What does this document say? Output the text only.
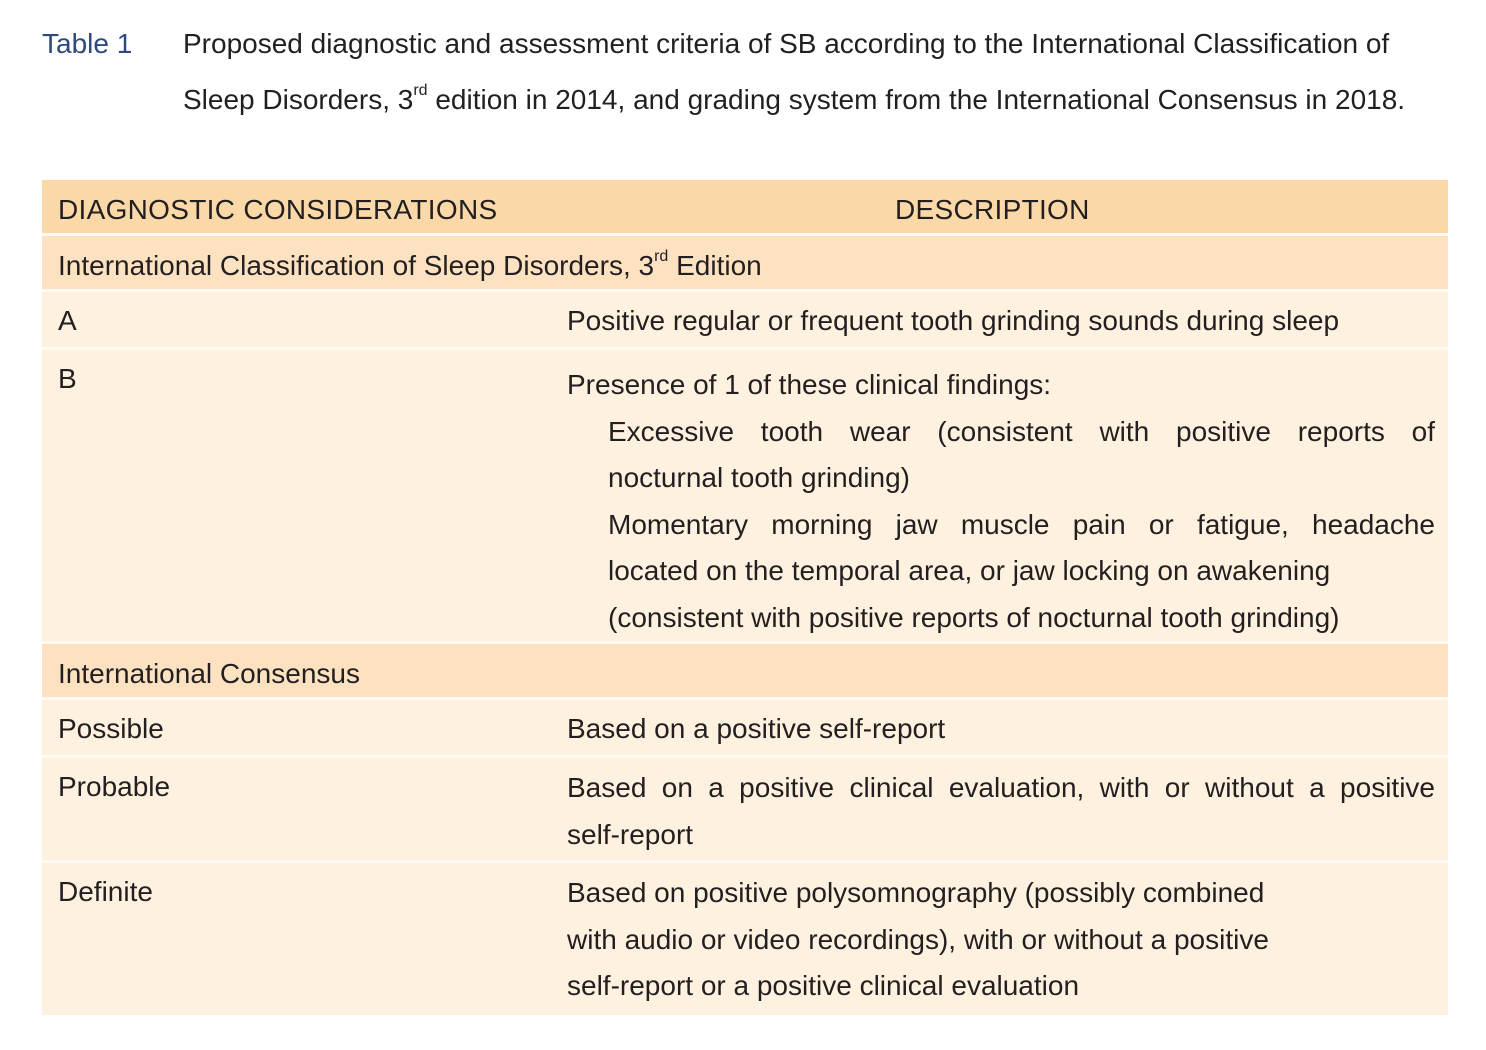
Table 1 Proposed diagnostic and assessment criteria of SB according to the International Classification of Sleep Disorders, 3rd edition in 2014, and grading system from the International Consensus in 2018.
DIAGNOSTIC CONSIDERATIONS	DESCRIPTION
International Classification of Sleep Disorders, 3rd Edition
A	Positive regular or frequent tooth grinding sounds during sleep
B	Presence of 1 of these clinical findings:
Excessive tooth wear (consistent with positive reports of
nocturnal tooth grinding)
Momentary morning jaw muscle pain or fatigue, headache
located on the temporal area, or jaw locking on awakening
(consistent with positive reports of nocturnal tooth grinding)
International Consensus
Possible	Based on a positive self-report
Probable	Based on a positive clinical evaluation, with or without a positive
self-report
Definite	Based on positive polysomnography (possibly combined
with audio or video recordings), with or without a positive
self-report or a positive clinical evaluation
